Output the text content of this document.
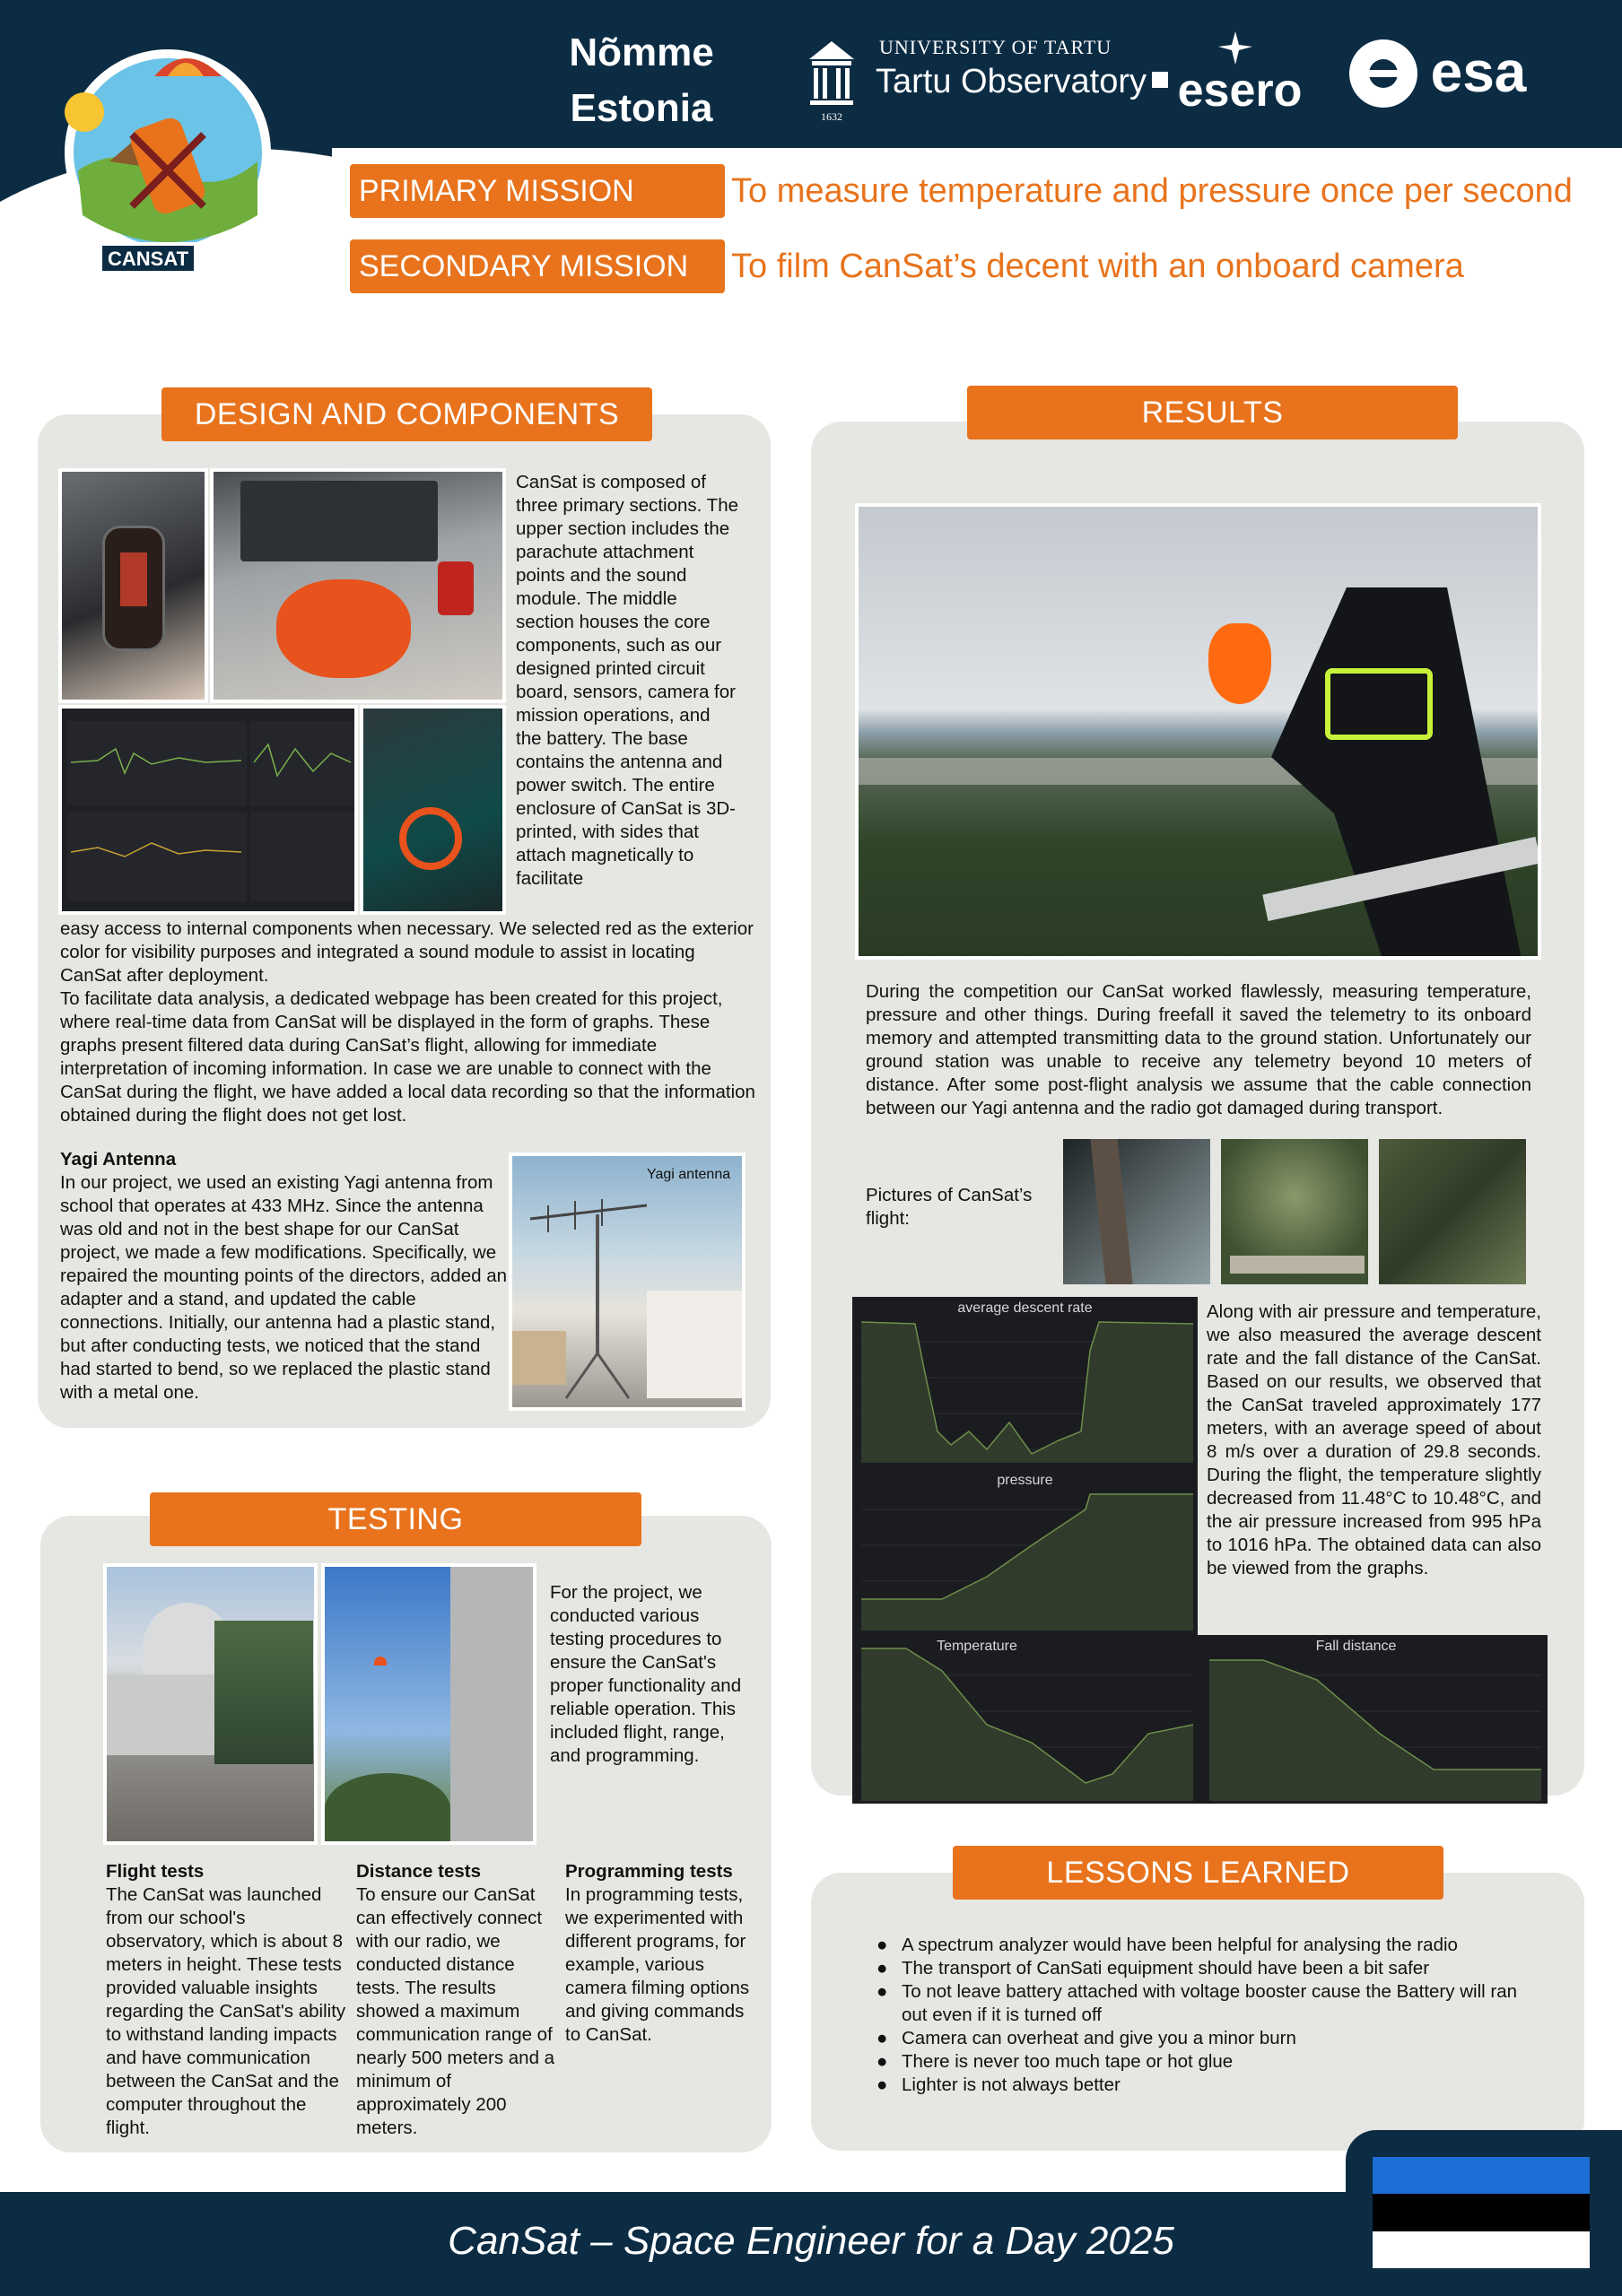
CANSAT
Nõmme
Estonia	1632
UNIVERSITY OF TARTU
Tartu Observatory esero esa
PRIMARY MISSION	To measure temperature and pressure once per second
SECONDARY MISSION	To film CanSat’s decent with an onboard camera
DESIGN AND COMPONENTS
CanSat is composed of three primary sections. The upper section includes the parachute attachment points and the sound module. The middle section houses the core components, such as our designed printed circuit board, sensors, camera for mission operations, and the battery. The base contains the antenna and power switch. The entire enclosure of CanSat is 3D-printed, with sides that attach magnetically to facilitate
easy access to internal components when necessary. We selected red as the exterior color for visibility purposes and integrated a sound module to assist in locating CanSat after deployment.
To facilitate data analysis, a dedicated webpage has been created for this project, where real-time data from CanSat will be displayed in the form of graphs. These graphs present filtered data during CanSat’s flight, allowing for immediate interpretation of incoming information. In case we are unable to connect with the CanSat during the flight, we have added a local data recording so that the information obtained during the flight does not get lost.
Yagi Antenna
In our project, we used an existing Yagi antenna from school that operates at 433 MHz. Since the antenna was old and not in the best shape for our CanSat project, we made a few modifications. Specifically, we repaired the mounting points of the directors, added an adapter and a stand, and updated the cable connections. Initially, our antenna had a plastic stand, but after conducting tests, we noticed that the stand had started to bend, so we replaced the plastic stand with a metal one.
Yagi antenna
TESTING
For the project, we conducted various testing procedures to ensure the CanSat's proper functionality and reliable operation. This included flight, range, and programming.
Flight tests
The CanSat was launched from our school's observatory, which is about 8 meters in height. These tests provided valuable insights regarding the CanSat's ability to withstand landing impacts and have communication between the CanSat and the computer throughout the flight.
Distance tests
To ensure our CanSat can effectively connect with our radio, we conducted distance tests. The results showed a maximum communication range of nearly 500 meters and a minimum of approximately 200 meters.
Programming tests
In programming tests, we experimented with different programs, for example, various camera filming options and giving commands to CanSat.
RESULTS
During the competition our CanSat worked flawlessly, measuring temperature, pressure and other things. During freefall it saved the telemetry to its onboard memory and attempted transmitting data to the ground station. Unfortunately our ground station was unable to receive any telemetry beyond 10 meters of distance. After some post-flight analysis we assume that the cable connection between our Yagi antenna and the radio got damaged during transport.
Pictures of CanSat’s flight:
average descent rate
pressure
Temperature	Fall distance
Along with air pressure and temperature, we also measured the average descent rate and the fall distance of the CanSat. Based on our results, we observed that the CanSat traveled approximately 177 meters, with an average speed of about 8 m/s over a duration of 29.8 seconds. During the flight, the temperature slightly decreased from 11.48°C to 10.48°C, and the air pressure increased from 995 hPa to 1016 hPa. The obtained data can also be viewed from the graphs.
LESSONS LEARNED
● A spectrum analyzer would have been helpful for analysing the radio
● The transport of CanSati equipment should have been a bit safer
● To not leave battery attached with voltage booster cause the Battery will ran out even if it is turned off
● Camera can overheat and give you a minor burn
● There is never too much tape or hot glue
● Lighter is not always better
CanSat – Space Engineer for a Day 2025
